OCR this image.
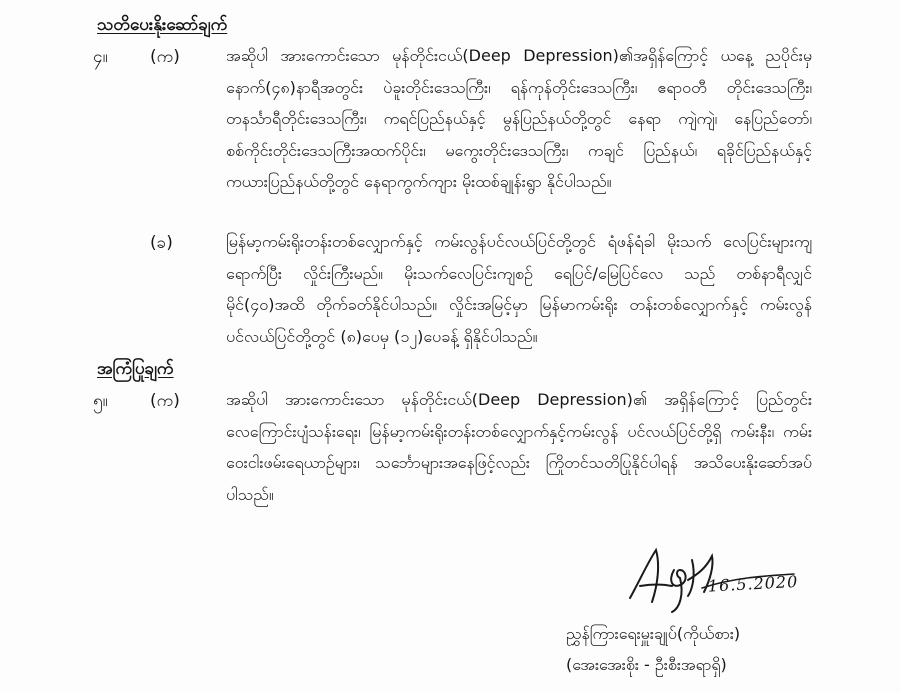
သတိပေးနိုးဆော်ချက်
၄။ (က)	အဆိုပါ အားကောင်းသော မုန်တိုင်းငယ်(Deep Depression)၏အရှိန်ကြောင့် ယနေ့ ညပိုင်းမှ နောက်(၄၈)နာရီအတွင်း ပဲခူးတိုင်းဒေသကြီး၊ ရန်ကုန်တိုင်းဒေသကြီး၊ ဧရာဝတီ တိုင်းဒေသကြီး၊ တနင်္သာရီတိုင်းဒေသကြီး၊ ကရင်ပြည်နယ်နှင့် မွန်ပြည်နယ်တို့တွင် နေရာ ကျဲကျဲ၊ နေပြည်တော်၊ စစ်ကိုင်းတိုင်းဒေသကြီးအထက်ပိုင်း၊ မကွေးတိုင်းဒေသကြီး၊ ကချင် ပြည်နယ်၊ ရခိုင်ပြည်နယ်နှင့် ကယားပြည်နယ်တို့တွင် နေရာကွက်ကျား မိုးထစ်ချုန်းရွာ နိုင်ပါသည်။
(ခ)	မြန်မာ့ကမ်းရိုးတန်းတစ်လျှောက်နှင့် ကမ်းလွန်ပင်လယ်ပြင်တို့တွင် ရံဖန်ရံခါ မိုးသက် လေပြင်းများကျရောက်ပြီး လှိုင်းကြီးမည်။ မိုးသက်လေပြင်းကျစဉ် ရေပြင်/မြေပြင်လေ သည် တစ်နာရီလျှင် မိုင်(၄၀)အထိ တိုက်ခတ်နိုင်ပါသည်။ လှိုင်းအမြင့်မှာ မြန်မာကမ်းရိုး တန်းတစ်လျှောက်နှင့် ကမ်းလွန်ပင်လယ်ပြင်တို့တွင် (၈)ပေမှ (၁၂)ပေခန့် ရှိနိုင်ပါသည်။
အကြံပြုချက်
၅။ (က)	အဆိုပါ အားကောင်းသော မုန်တိုင်းငယ်(Deep Depression)၏ အရှိန်ကြောင့် ပြည်တွင်း လေကြောင်းပျံသန်းရေး၊ မြန်မာ့ကမ်းရိုးတန်းတစ်လျှောက်နှင့်ကမ်းလွန် ပင်လယ်ပြင်တို့ရှိ ကမ်းနီး၊ ကမ်းဝေးငါးဖမ်းရေယာဉ်များ၊ သင်္ဘောများအနေဖြင့်လည်း ကြိုတင်သတိပြုနိုင်ပါရန် အသိပေးနိုးဆော်အပ်ပါသည်။
16.5.2020
ညွှန်ကြားရေးမှူးချုပ်(ကိုယ်စား)
(အေးအေးစိုး - ဦးစီးအရာရှိ)
